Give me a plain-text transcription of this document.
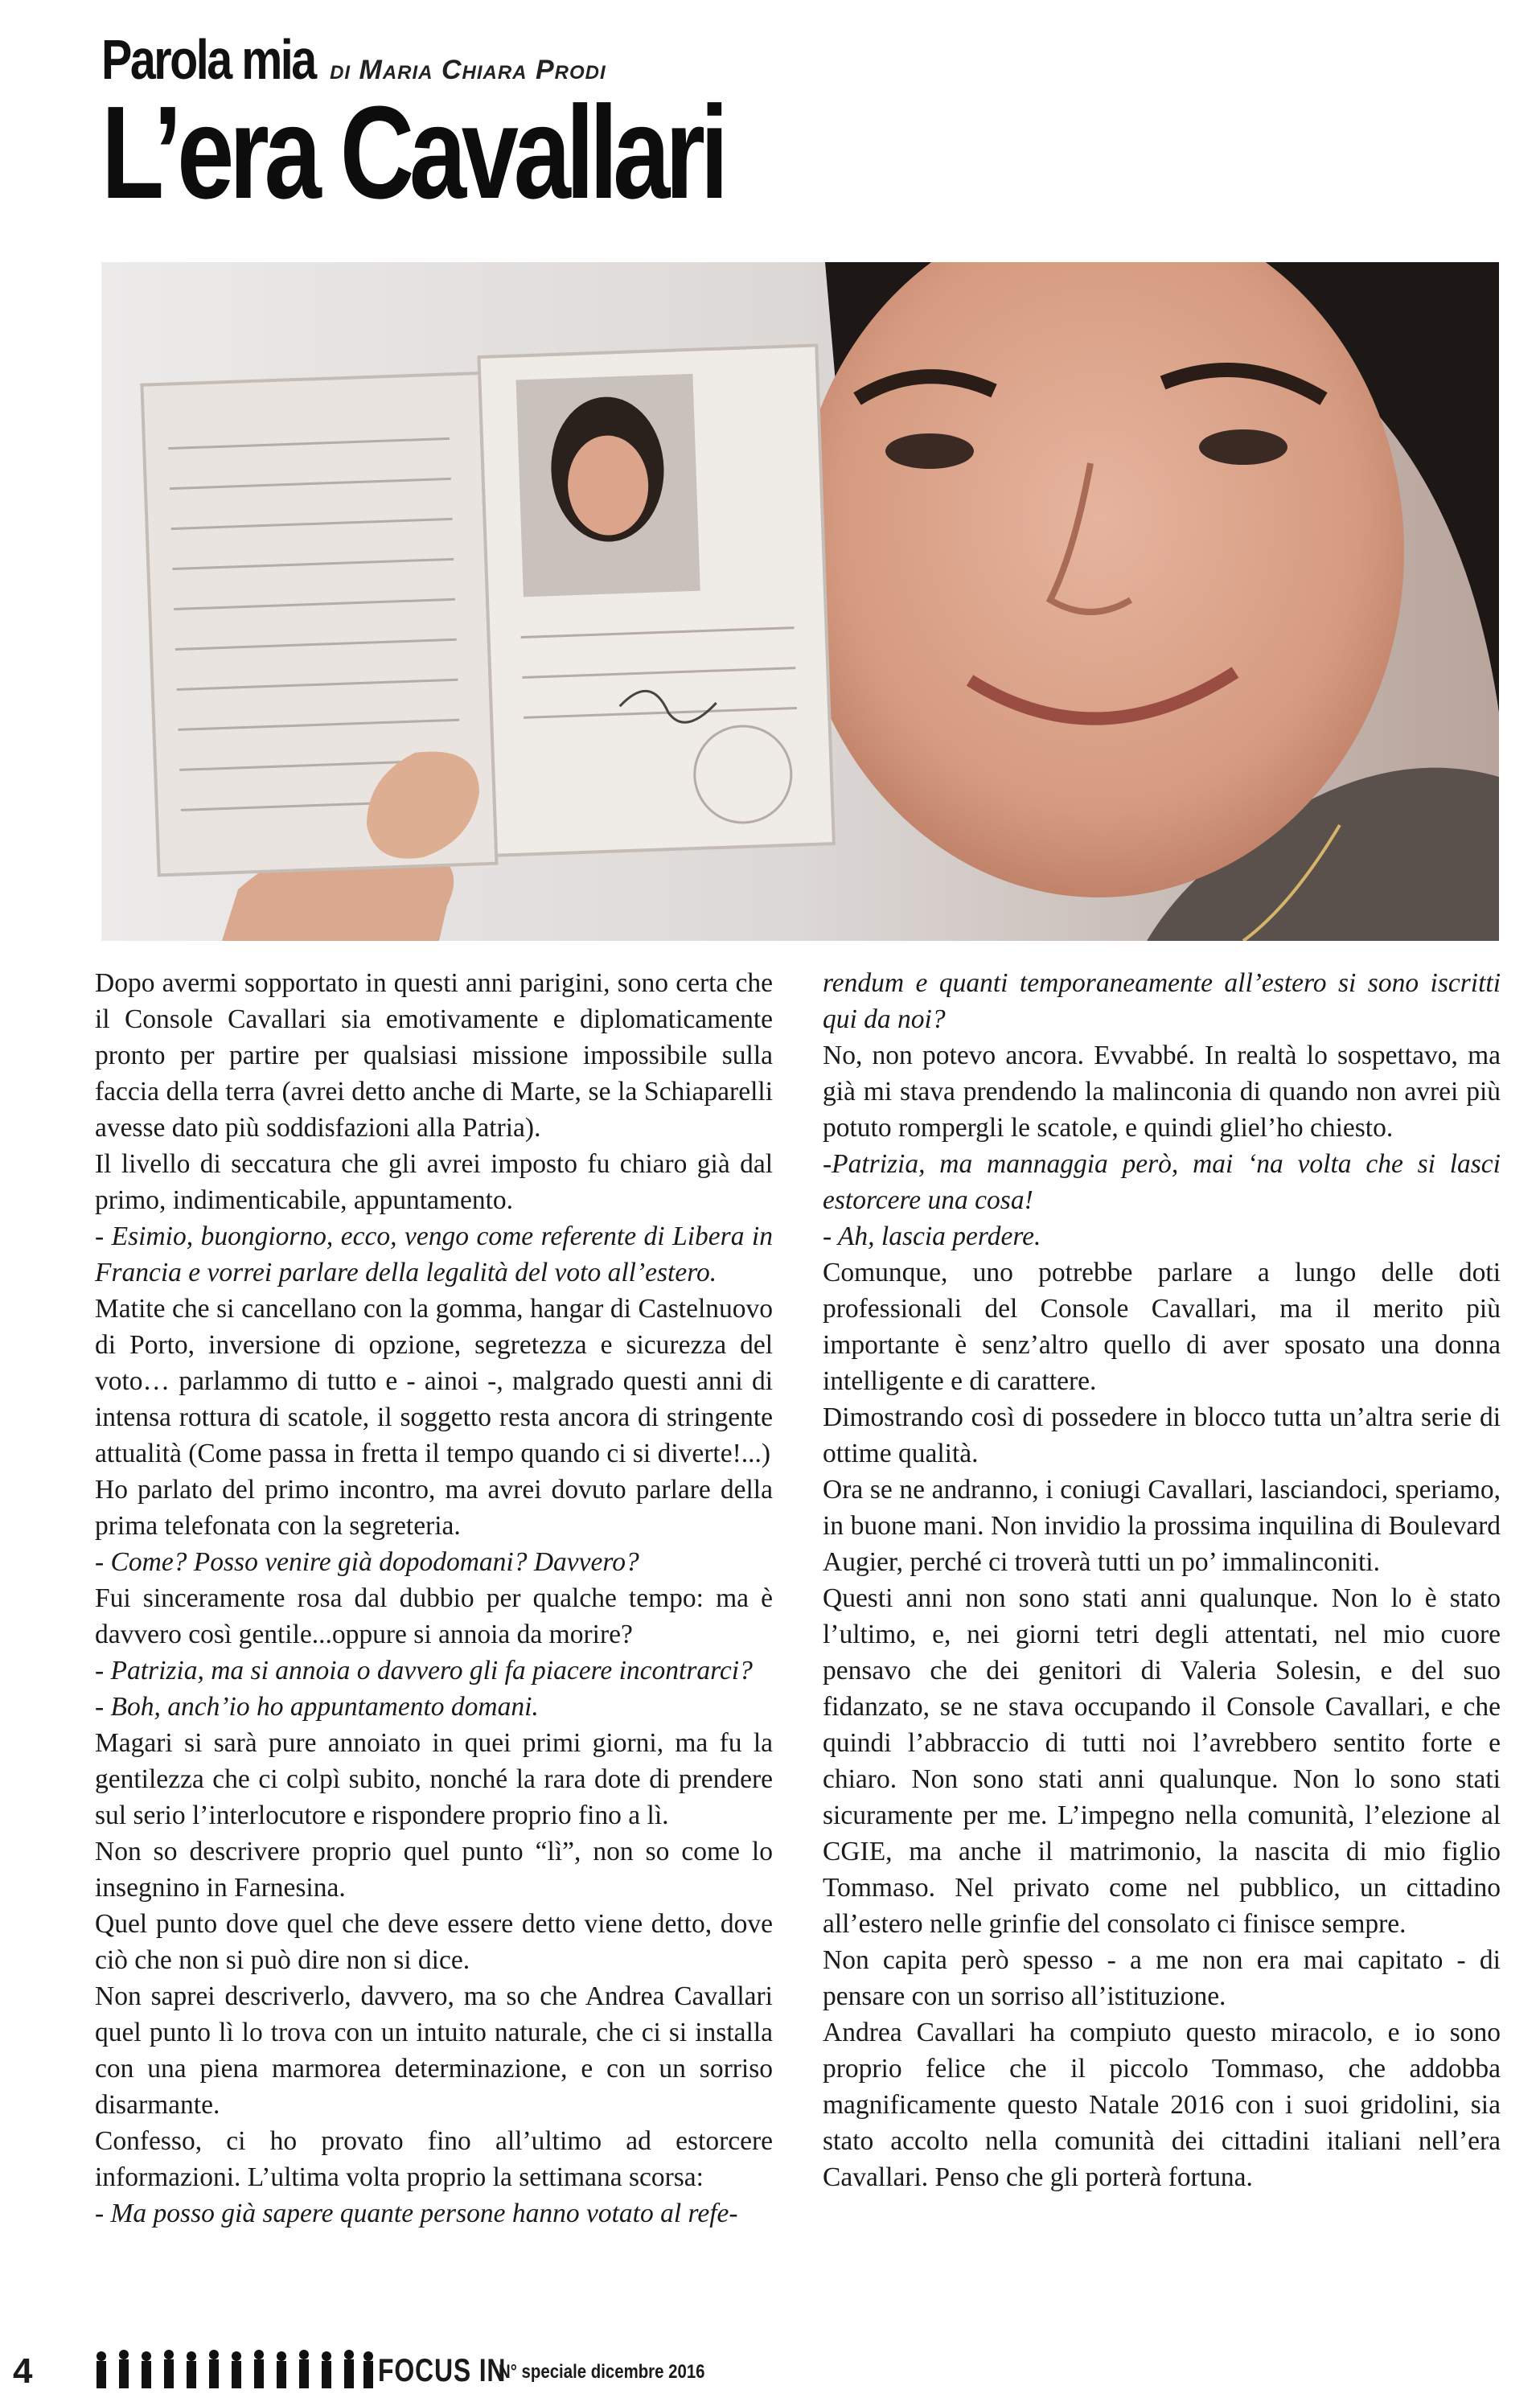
Parola mia di Maria Chiara Prodi
L’era Cavallari

Dopo avermi sopportato in questi anni parigini, sono certa che il Console Cavallari sia emotivamente e diplomaticamente pronto per partire per qualsiasi missione impossibile sulla faccia della terra (avrei detto anche di Marte, se la Schiaparelli avesse dato più soddisfazioni alla Patria).

Il livello di seccatura che gli avrei imposto fu chiaro già dal primo, indimenticabile, appuntamento.

- Esimio, buongiorno, ecco, vengo come referente di Libera in Francia e vorrei parlare della legalità del voto all’estero.

Matite che si cancellano con la gomma, hangar di Castelnuovo di Porto, inversione di opzione, segretezza e sicurezza del voto… parlammo di tutto e - ainoi -, malgrado questi anni di intensa rottura di scatole, il soggetto resta ancora di stringente attualità (Come passa in fretta il tempo quando ci si diverte!...)

Ho parlato del primo incontro, ma avrei dovuto parlare della prima telefonata con la segreteria.

- Come? Posso venire già dopodomani? Davvero?

Fui sinceramente rosa dal dubbio per qualche tempo: ma è davvero così gentile...oppure si annoia da morire?

- Patrizia, ma si annoia o davvero gli fa piacere incontrarci?

- Boh, anch’io ho appuntamento domani.

Magari si sarà pure annoiato in quei primi giorni, ma fu la gentilezza che ci colpì subito, nonché la rara dote di prendere sul serio l’interlocutore e rispondere proprio fino a lì.

Non so descrivere proprio quel punto “lì”, non so come lo insegnino in Farnesina.

Quel punto dove quel che deve essere detto viene detto, dove ciò che non si può dire non si dice.

Non saprei descriverlo, davvero, ma so che Andrea Cavallari quel punto lì lo trova con un intuito naturale, che ci si installa con una piena marmorea determinazione, e con un sorriso disarmante.

Confesso, ci ho provato fino all’ultimo ad estorcere informazioni. L’ultima volta proprio la settimana scorsa:

- Ma posso già sapere quante persone hanno votato al refe-

rendum e quanti temporaneamente all’estero si sono iscritti qui da noi?

No, non potevo ancora. Evvabbé. In realtà lo sospettavo, ma già mi stava prendendo la malinconia di quando non avrei più potuto rompergli le scatole, e quindi gliel’ho chiesto.

-Patrizia, ma mannaggia però, mai ‘na volta che si lasci estorcere una cosa!

- Ah, lascia perdere.

Comunque, uno potrebbe parlare a lungo delle doti professionali del Console Cavallari, ma il merito più importante è senz’altro quello di aver sposato una donna intelligente e di carattere.

Dimostrando così di possedere in blocco tutta un’altra serie di ottime qualità.

Ora se ne andranno, i coniugi Cavallari, lasciandoci, speriamo, in buone mani. Non invidio la prossima inquilina di Boulevard Augier, perché ci troverà tutti un po’ immalinconiti.

Questi anni non sono stati anni qualunque. Non lo è stato l’ultimo, e, nei giorni tetri degli attentati, nel mio cuore pensavo che dei genitori di Valeria Solesin, e del suo fidanzato, se ne stava occupando il Console Cavallari, e che quindi l’abbraccio di tutti noi l’avrebbero sentito forte e chiaro. Non sono stati anni qualunque. Non lo sono stati sicuramente per me. L’impegno nella comunità, l’elezione al CGIE, ma anche il matrimonio, la nascita di mio figlio Tommaso. Nel privato come nel pubblico, un cittadino all’estero nelle grinfie del consolato ci finisce sempre.

Non capita però spesso - a me non era mai capitato - di pensare con un sorriso all’istituzione.

Andrea Cavallari ha compiuto questo miracolo, e io sono proprio felice che il piccolo Tommaso, che addobba magnificamente questo Natale 2016 con i suoi gridolini, sia stato accolto nella comunità dei cittadini italiani nell’era Cavallari. Penso che gli porterà fortuna.

4	FOCUS IN
N° speciale dicembre 2016
